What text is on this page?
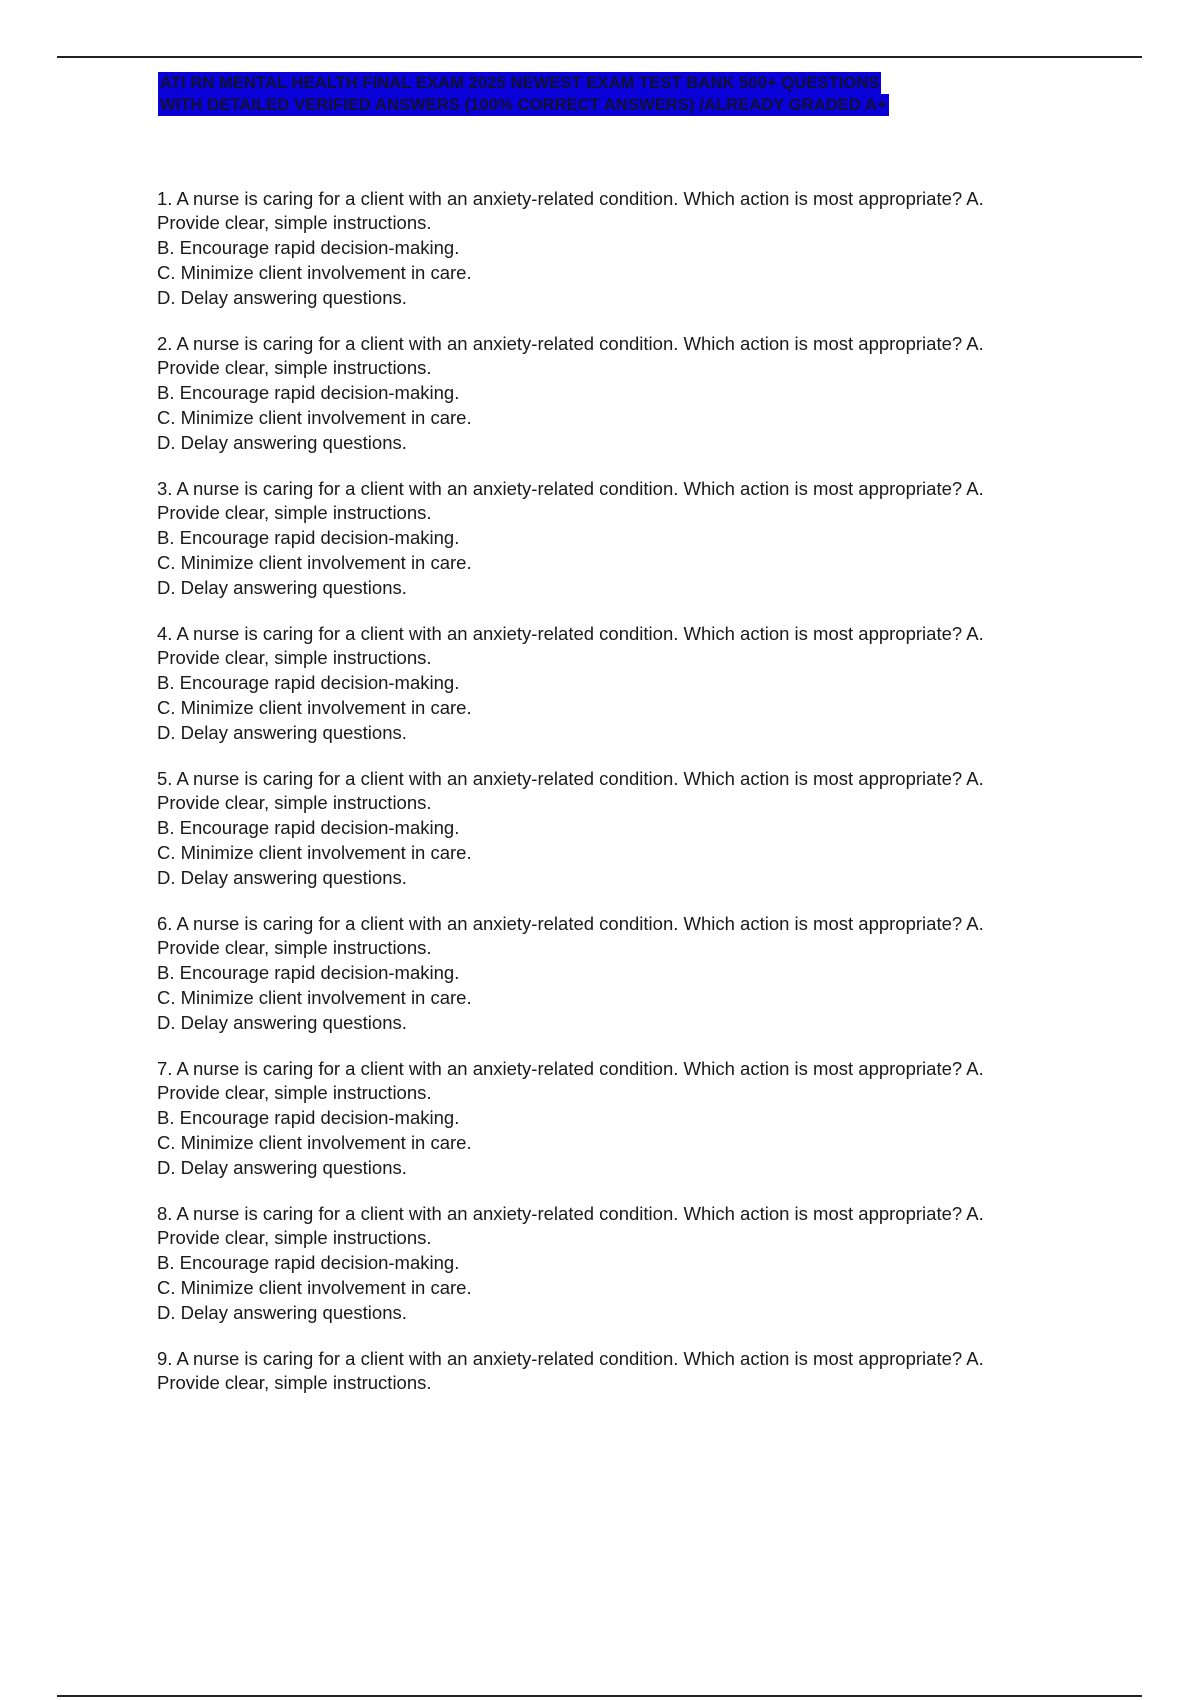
ATI RN MENTAL HEALTH FINAL EXAM 2025 NEWEST EXAM TEST BANK 500+ QUESTIONS
WITH DETAILED VERIFIED ANSWERS (100% CORRECT ANSWERS) /ALREADY GRADED A+

1. A nurse is caring for a client with an anxiety-related condition. Which action is most appropriate? A.
Provide clear, simple instructions.

B. Encourage rapid decision-making.

C. Minimize client involvement in care.

D. Delay answering questions.

2. A nurse is caring for a client with an anxiety-related condition. Which action is most appropriate? A.
Provide clear, simple instructions.

B. Encourage rapid decision-making.

C. Minimize client involvement in care.

D. Delay answering questions.

3. A nurse is caring for a client with an anxiety-related condition. Which action is most appropriate? A.
Provide clear, simple instructions.

B. Encourage rapid decision-making.

C. Minimize client involvement in care.

D. Delay answering questions.

4. A nurse is caring for a client with an anxiety-related condition. Which action is most appropriate? A.
Provide clear, simple instructions.

B. Encourage rapid decision-making.

C. Minimize client involvement in care.

D. Delay answering questions.

5. A nurse is caring for a client with an anxiety-related condition. Which action is most appropriate? A.
Provide clear, simple instructions.

B. Encourage rapid decision-making.

C. Minimize client involvement in care.

D. Delay answering questions.

6. A nurse is caring for a client with an anxiety-related condition. Which action is most appropriate? A.
Provide clear, simple instructions.

B. Encourage rapid decision-making.

C. Minimize client involvement in care.

D. Delay answering questions.

7. A nurse is caring for a client with an anxiety-related condition. Which action is most appropriate? A.
Provide clear, simple instructions.

B. Encourage rapid decision-making.

C. Minimize client involvement in care.

D. Delay answering questions.

8. A nurse is caring for a client with an anxiety-related condition. Which action is most appropriate? A.
Provide clear, simple instructions.

B. Encourage rapid decision-making.

C. Minimize client involvement in care.

D. Delay answering questions.

9. A nurse is caring for a client with an anxiety-related condition. Which action is most appropriate? A.
Provide clear, simple instructions.
